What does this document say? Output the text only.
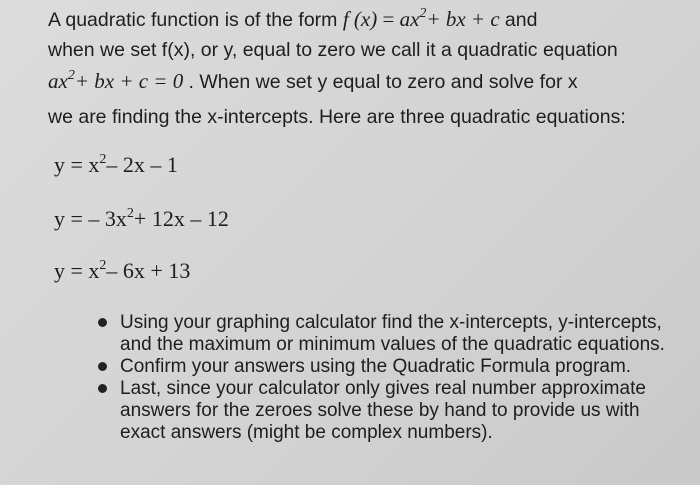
A quadratic function is of the form f $(x) = ax^2+$ bx + c and
when we set f(x), or y, equal to zero we call it a quadratic equation
$ax^2+$ bx + c = 0 . When we set y equal to zero and solve for x
we are finding the x-intercepts. Here are three quadratic equations:
$y = x^2-$ 2x – 1
y = – $3x^2+ 12x - 12$
$y = x^2-$ 6x + 13
Using your graphing calculator find the x-intercepts, y-intercepts, and the maximum or minimum values of the quadratic equations.
Confirm your answers using the Quadratic Formula program.
Last, since your calculator only gives real number approximate answers for the zeroes solve these by hand to provide us with exact answers (might be complex numbers).
